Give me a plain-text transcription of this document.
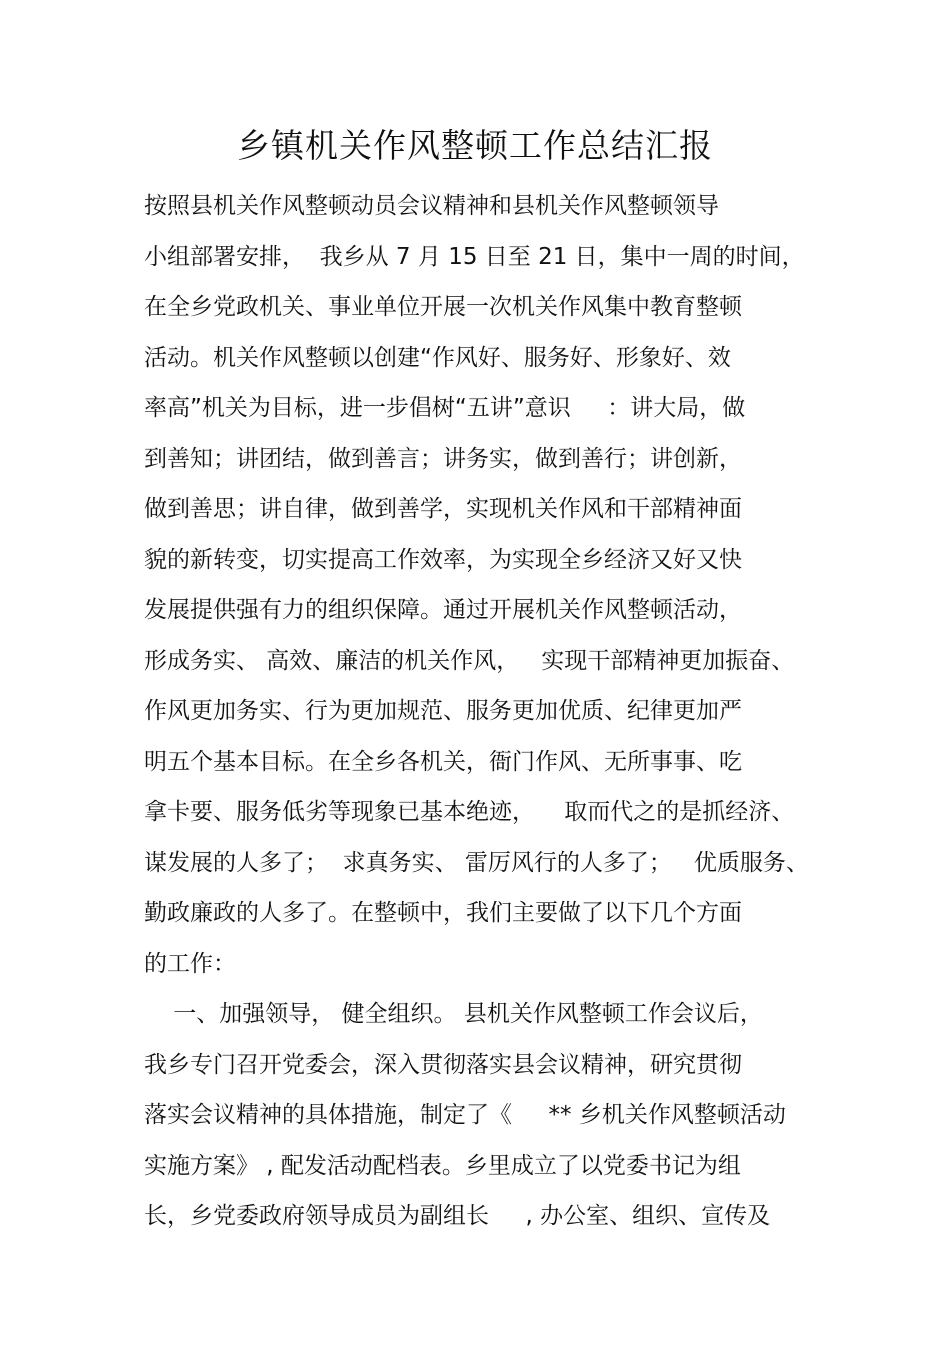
乡镇机关作风整顿工作总结汇报
按照县机关作风整顿动员会议精神和县机关作风整顿领导
小组部署安排，  我乡从 7 月 15 日至 21 日，集中一周的时间，
在全乡党政机关、事业单位开展一次机关作风集中教育整顿
活动。机关作风整顿以创建“作风好、服务好、形象好、效
率高”机关为目标，进一步倡树“五讲”意识     ：讲大局，做
到善知；讲团结，做到善言；讲务实，做到善行；讲创新，
做到善思；讲自律，做到善学，实现机关作风和干部精神面
貌的新转变，切实提高工作效率，为实现全乡经济又好又快
发展提供强有力的组织保障。通过开展机关作风整顿活动，
形成务实、 高效、廉洁的机关作风，   实现干部精神更加振奋、
作风更加务实、行为更加规范、服务更加优质、纪律更加严
明五个基本目标。在全乡各机关，衙门作风、无所事事、吃
拿卡要、服务低劣等现象已基本绝迹，    取而代之的是抓经济、
谋发展的人多了；  求真务实、 雷厉风行的人多了；   优质服务、
勤政廉政的人多了。在整顿中，我们主要做了以下几个方面
的工作：
一、加强领导， 健全组织。 县机关作风整顿工作会议后，
我乡专门召开党委会，深入贯彻落实县会议精神，研究贯彻
落实会议精神的具体措施，制定了《     ** 乡机关作风整顿活动
实施方案》 , 配发活动配档表。乡里成立了以党委书记为组
长，乡党委政府领导成员为副组长     , 办公室、组织、宣传及
